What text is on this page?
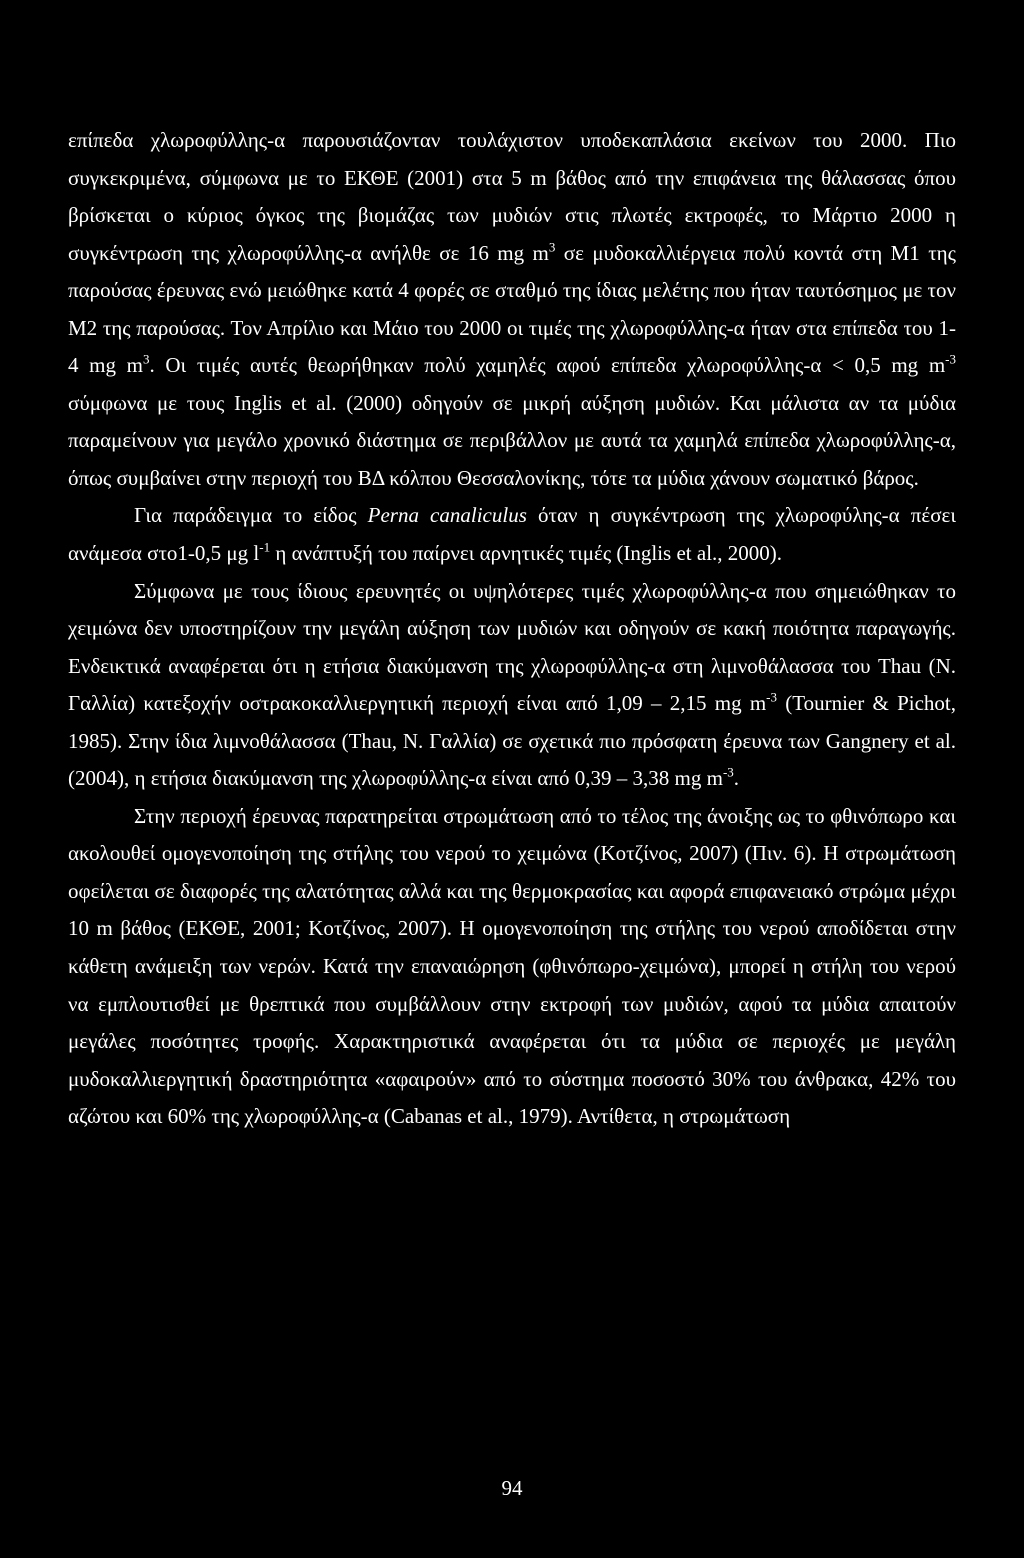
επίπεδα χλωροφύλλης-α παρουσιάζονταν τουλάχιστον υποδεκαπλάσια εκείνων του 2000. Πιο συγκεκριμένα, σύμφωνα με το ΕΚΘΕ (2001) στα 5 m βάθος από την επιφάνεια της θάλασσας όπου βρίσκεται ο κύριος όγκος της βιομάζας των μυδιών στις πλωτές εκτροφές, το Μάρτιο 2000 η συγκέντρωση της χλωροφύλλης-α ανήλθε σε 16 mg $m^3$ σε μυδοκαλλιέργεια πολύ κοντά στη Μ1 της παρούσας έρευνας ενώ μειώθηκε κατά 4 φορές σε σταθμό της ίδιας μελέτης που ήταν ταυτόσημος με τον Μ2 της παρούσας. Τον Απρίλιο και Μάιο του 2000 οι τιμές της χλωροφύλλης-α ήταν στα επίπεδα του 1-4 mg $m^3$. Οι τιμές αυτές θεωρήθηκαν πολύ χαμηλές αφού επίπεδα χλωροφύλλης-α < 0,5 mg $m^{-3}$ σύμφωνα με τους Inglis et al. (2000) οδηγούν σε μικρή αύξηση μυδιών. Και μάλιστα αν τα μύδια παραμείνουν για μεγάλο χρονικό διάστημα σε περιβάλλον με αυτά τα χαμηλά επίπεδα χλωροφύλλης-α, όπως συμβαίνει στην περιοχή του ΒΔ κόλπου Θεσσαλονίκης, τότε τα μύδια χάνουν σωματικό βάρος.

Για παράδειγμα το είδος Perna canaliculus όταν η συγκέντρωση της χλωροφύλης-α πέσει ανάμεσα στο1-0,5 μg $l^{-1}$ η ανάπτυξή του παίρνει αρνητικές τιμές (Inglis et al., 2000).

Σύμφωνα με τους ίδιους ερευνητές οι υψηλότερες τιμές χλωροφύλλης-α που σημειώθηκαν το χειμώνα δεν υποστηρίζουν την μεγάλη αύξηση των μυδιών και οδηγούν σε κακή ποιότητα παραγωγής. Ενδεικτικά αναφέρεται ότι η ετήσια διακύμανση της χλωροφύλλης-α στη λιμνοθάλασσα του Thau (Ν. Γαλλία) κατεξοχήν οστρακοκαλλιεργητική περιοχή είναι από 1,09 – 2,15 mg $m^{-3}$ (Tournier & Pichot, 1985). Στην ίδια λιμνοθάλασσα (Thau, Ν. Γαλλία) σε σχετικά πιο πρόσφατη έρευνα των Gangnery et al. (2004), η ετήσια διακύμανση της χλωροφύλλης-α είναι από 0,39 – 3,38 mg $m^{-3}$.

Στην περιοχή έρευνας παρατηρείται στρωμάτωση από το τέλος της άνοιξης ως το φθινόπωρο και ακολουθεί ομογενοποίηση της στήλης του νερού το χειμώνα (Κοτζίνος, 2007) (Πιν. 6). Η στρωμάτωση οφείλεται σε διαφορές της αλατότητας αλλά και της θερμοκρασίας και αφορά επιφανειακό στρώμα μέχρι 10 m βάθος (ΕΚΘΕ, 2001; Κοτζίνος, 2007). Η ομογενοποίηση της στήλης του νερού αποδίδεται στην κάθετη ανάμειξη των νερών. Κατά την επαναιώρηση (φθινόπωρο-χειμώνα), μπορεί η στήλη του νερού να εμπλουτισθεί με θρεπτικά που συμβάλλουν στην εκτροφή των μυδιών, αφού τα μύδια απαιτούν μεγάλες ποσότητες τροφής. Χαρακτηριστικά αναφέρεται ότι τα μύδια σε περιοχές με μεγάλη μυδοκαλλιεργητική δραστηριότητα «αφαιρούν» από το σύστημα ποσοστό 30% του άνθρακα, 42% του αζώτου και 60% της χλωροφύλλης-α (Cabanas et al., 1979). Αντίθετα, η στρωμάτωση

94
